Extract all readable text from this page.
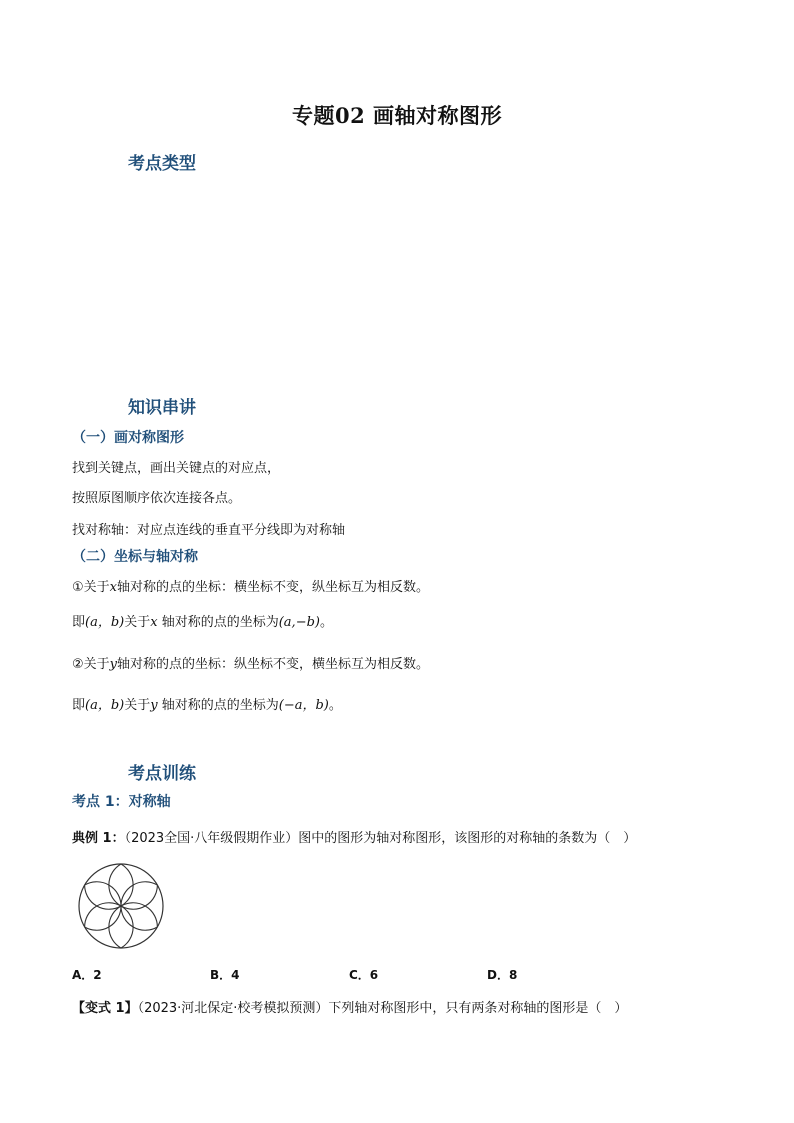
专题02 画轴对称图形
考点类型
知识串讲
（一）画对称图形
找到关键点，画出关键点的对应点，
按照原图顺序依次连接各点。
找对称轴：对应点连线的垂直平分线即为对称轴
（二）坐标与轴对称
①关于x轴对称的点的坐标：横坐标不变，纵坐标互为相反数。
即(a，b)关于x 轴对称的点的坐标为(a,−b)。
②关于y轴对称的点的坐标：纵坐标不变，横坐标互为相反数。
即(a，b)关于y 轴对称的点的坐标为(−a，b)。
考点训练
考点 1：对称轴
典例 1：（2023全国·八年级假期作业）图中的图形为轴对称图形，该图形的对称轴的条数为（　）
A．2	B．4	C．6	D．8
【变式 1】（2023·河北保定·校考模拟预测）下列轴对称图形中，只有两条对称轴的图形是（　）
